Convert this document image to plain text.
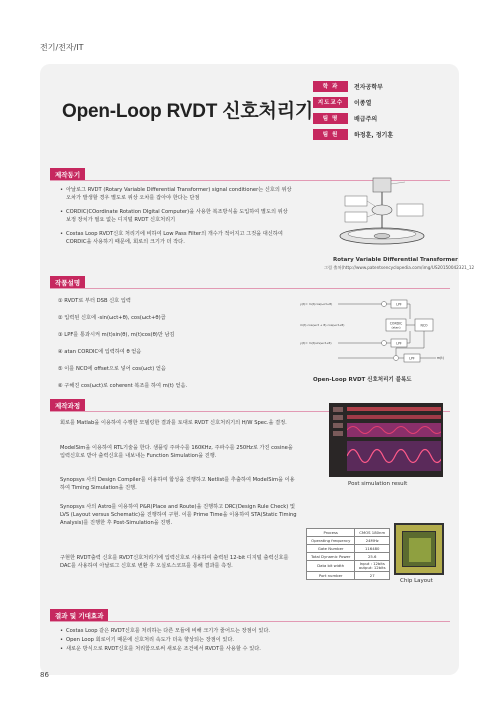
전기/전자/IT
Open-Loop RVDT 신호처리기
학 과	전자공학부
지도교수	이종열
팀 명	배급주의
팀 원	하정훈, 정기훈
제작동기
• 아날로그 RVDT (Rotary Variable Differential Transformer) signal conditioner는 신호의 위상 오차가 발생할 경우 별도로 위상 오차를 잡아야 한다는 단점
• CORDIC(COordinate Rotation DIgital Computer)을 사용한 복조방식을 도입하여 별도의 위상 보정 장치가 필요 없는 디지털 RVDT 신호처리기
• Costas Loop RVDT신호 처리기에 비하여 Low Pass Filter의 개수가 적어지고 그것을 대신하여 CORDIC을 사용하기 때문에, 회로의 크기가 더 작다.
Rotary Variable Differential Transformer
그림 출처(http://www.patentsencyclopedia.com/img/US20150042321_12
작품설명
① RVDT로 부터 DSB 신호 입력
② 입력된 신호에 -sin(ωct+θ), cos(ωct+θ)곱
③ LPF를 통과시켜 m(t)sin(θ), m(t)cos(θ)만 남김
④ atan CORDIC에 입력하여 θ 얻음
⑤ 이를 NCO에 offset으로 넣어 cos(ωct) 얻음
⑥ 구해진 cos(ωct)로 coherent 복조를 하여 m(t) 얻음.
y(t)= m(t)cos(ωct+θ)
m(t)·cos(ωct + θ)·cos(ωct+θ)
y(t)= m(t)sin(ωct+θ)
LPF
LPF
CORDIC
(atan)	NCO
LPF	m(t)
Open-Loop RVDT 신호처리기 블록도
제작과정
회로를 Matlab을 이용하여 수행한 모델링한 결과를 토대로 RVDT 신호처리기의 H/W Spec.을 결정.
ModelSim을 이용하여 RTL기술을 한다. 샘플링 주파수를 160KHz, 주파수를 250Hz로 가진 cosine을 입력신호로 받아 출력신호를 내보내는 Function Simulation을 진행.
Synopsys 사의 Design Compiler를 이용하여 합성을 진행하고 Netlist를 추출하여 ModelSim을 이용하여 Timing Simulation을 진행.
Synopsys 사의 Astro를 이용하여 P&R(Place and Route)을 진행하고 DRC(Design Rule Check) 및 LVS (Layout versus Schematic)을 진행하여 구현. 이를 Prime Time을 이용하여 STA(Static Timing Analysis)를 진행한 후 Post-Simulation을 진행.
구현한 RVDT출력 신호를 RVDT신호처리기에 입력신호로 사용하여 출력된 12-bit 디지털 출력신호를 DAC를 사용하여 아날로그 신호로 변환 후 오실로스코프를 통해 결과를 측정.
Post simulation result
Process	CMOS 180nm
Operating frequency	24MHz
Gate Number	116480
Total Dynamic Power	25.6
Data bit width	Input : 12bits
output: 12bits
Port number	27
Chip Layout
결과 및 기대효과
• Costas Loop 같은 RVDT신호를 처리하는 다른 모듈에 비해 크기가 줄어드는 장점이 있다.
• Open Loop 회로이기 때문에 신호처리 속도가 더욱 향상되는 장점이 있다.
• 새로운 방식으로 RVDT신호를 처리함으로써 새로운 조건에서 RVDT를 사용할 수 있다.
86
